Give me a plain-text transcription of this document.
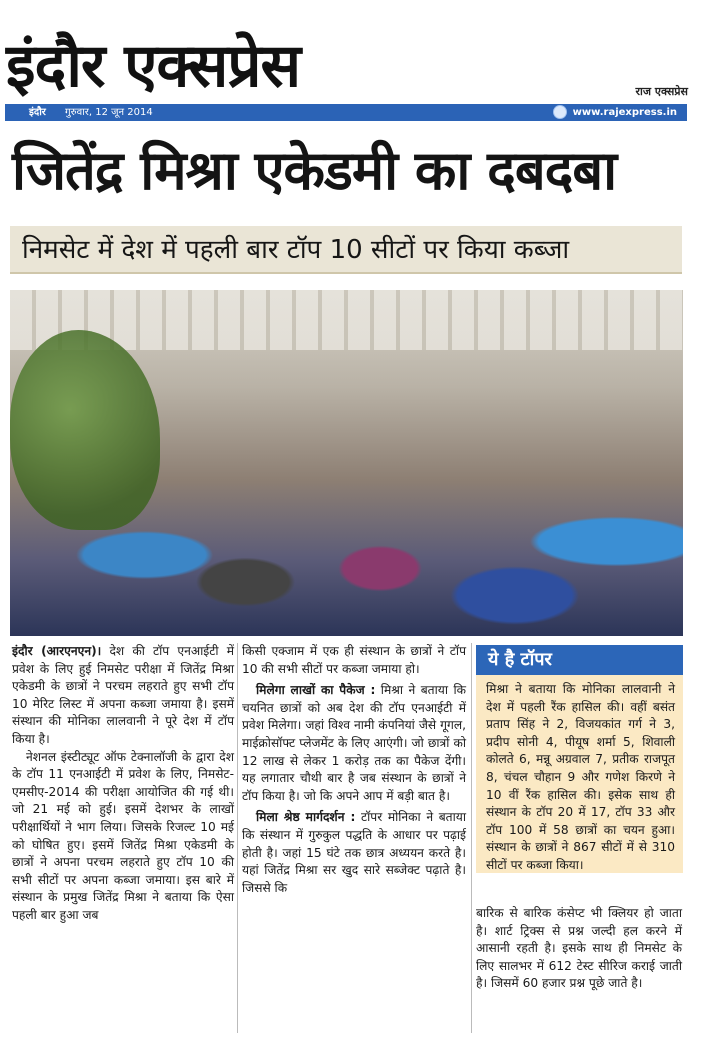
इंदौर एक्सप्रेस	राज एक्सप्रेस
इंदौर गुरुवार, 12 जून 2014	www.rajexpress.in
जितेंद्र मिश्रा एकेडमी का दबदबा
निमसेट में देश में पहली बार टॉप 10 सीटों पर किया कब्जा

इंदौर (आरएनएन)। देश की टॉप एनआईटी में प्रवेश के लिए हुई निमसेट परीक्षा में जितेंद्र मिश्रा एकेडमी के छात्रों ने परचम लहराते हुए सभी टॉप 10 मेरिट लिस्ट में अपना कब्जा जमाया है। इसमें संस्थान की मोनिका लालवानी ने पूरे देश में टॉप किया है।

नेशनल इंस्टीट्यूट ऑफ टेक्नालॉजी के द्वारा देश के टॉप 11 एनआईटी में प्रवेश के लिए, निमसेट-एमसीए-2014 की परीक्षा आयोजित की गई थी। जो 21 मई को हुई। इसमें देशभर के लाखों परीक्षार्थियों ने भाग लिया। जिसके रिजल्ट 10 मई को घोषित हुए। इसमें जितेंद्र मिश्रा एकेडमी के छात्रों ने अपना परचम लहराते हुए टॉप 10 की सभी सीटों पर अपना कब्जा जमाया। इस बारे में संस्थान के प्रमुख जितेंद्र मिश्रा ने बताया कि ऐसा पहली बार हुआ जब

किसी एक्जाम में एक ही संस्थान के छात्रों ने टॉप 10 की सभी सीटों पर कब्जा जमाया हो।

मिलेगा लाखों का पैकेज : मिश्रा ने बताया कि चयनित छात्रों को अब देश की टॉप एनआईटी में प्रवेश मिलेगा। जहां विश्व नामी कंपनियां जैसे गूगल, माईक्रोसॉफ्ट प्लेजमेंट के लिए आएंगी। जो छात्रों को 12 लाख से लेकर 1 करोड़ तक का पैकेज देंगी। यह लगातार चौथी बार है जब संस्थान के छात्रों ने टॉप किया है। जो कि अपने आप में बड़ी बात है।

मिला श्रेष्ठ मार्गदर्शन : टॉपर मोनिका ने बताया कि संस्थान में गुरुकुल पद्धति के आधार पर पढ़ाई होती है। जहां 15 घंटे तक छात्र अध्ययन करते है। यहां जितेंद्र मिश्रा सर खुद सारे सब्जेक्ट पढ़ाते है। जिससे कि

ये है टॉपर
मिश्रा ने बताया कि मोनिका लालवानी ने देश में पहली रैंक हासिल की। वहीं बसंत प्रताप सिंह ने 2, विजयकांत गर्ग ने 3, प्रदीप सोनी 4, पीयूष शर्मा 5, शिवाली कोलते 6, मन्नू अग्रवाल 7, प्रतीक राजपूत 8, चंचल चौहान 9 और गणेश किरणे ने 10 वीं रैंक हासिल की। इसेक साथ ही संस्थान के टॉप 20 में 17, टॉप 33 और टॉप 100 में 58 छात्रों का चयन हुआ। संस्थान के छात्रों ने 867 सीटों में से 310 सीटों पर कब्जा किया।

बारिक से बारिक कंसेप्ट भी क्लियर हो जाता है। शार्ट ट्रिक्स से प्रश्न जल्दी हल करने में आसानी रहती है। इसके साथ ही निमसेट के लिए सालभर में 612 टेस्ट सीरिज कराई जाती है। जिसमें 60 हजार प्रश्न पूछे जाते है।
